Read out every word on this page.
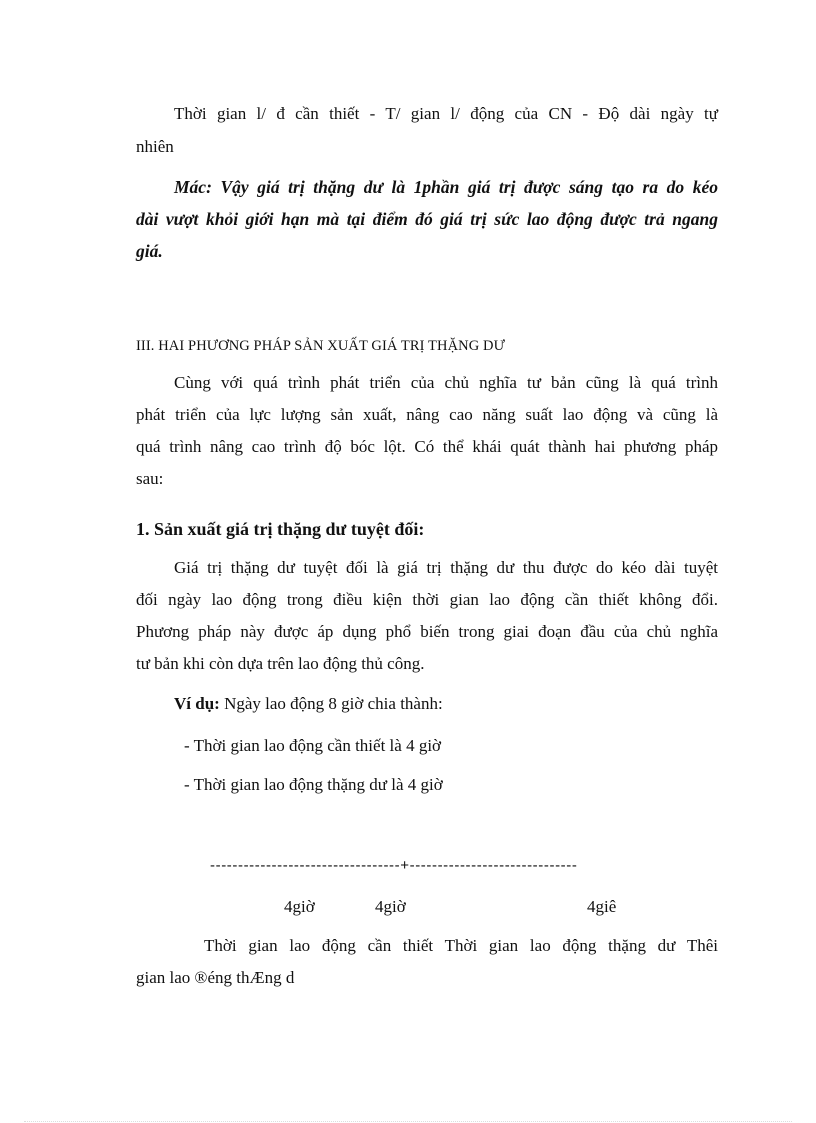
Thời gian l/ đ cần thiết - T/ gian l/ động của CN - Độ dài ngày tự
nhiên
Mác: Vậy giá trị thặng dư là 1phần giá trị được sáng tạo ra do kéo
dài vượt khỏi giới hạn mà tại điểm đó giá trị sức lao động được trả ngang
giá.
III. HAI PHƯƠNG PHÁP SẢN XUẤT GIÁ TRỊ THẶNG DƯ
Cùng với quá trình phát triển của chủ nghĩa tư bản cũng là quá trình
phát triển của lực lượng sản xuất, nâng cao năng suất lao động và cũng là
quá trình nâng cao trình độ bóc lột. Có thể khái quát thành hai phương pháp
sau:
1. Sản xuất giá trị thặng dư tuyệt đối:
Giá trị thặng dư tuyệt đối là giá trị thặng dư thu được do kéo dài tuyệt
đối ngày lao động trong điều kiện thời gian lao động cần thiết không đổi.
Phương pháp này được áp dụng phổ biến trong giai đoạn đầu của chủ nghĩa
tư bản khi còn dựa trên lao động thủ công.
Ví dụ: Ngày lao động 8 giờ chia thành:
- Thời gian lao động cần thiết là 4 giờ
- Thời gian lao động thặng dư là 4 giờ
----------------------------------+------------------------------
4giờ	4giờ	4giê
Thời gian lao động cần thiết Thời gian lao động thặng dư Thêi
gian lao ®éng thÆng d
